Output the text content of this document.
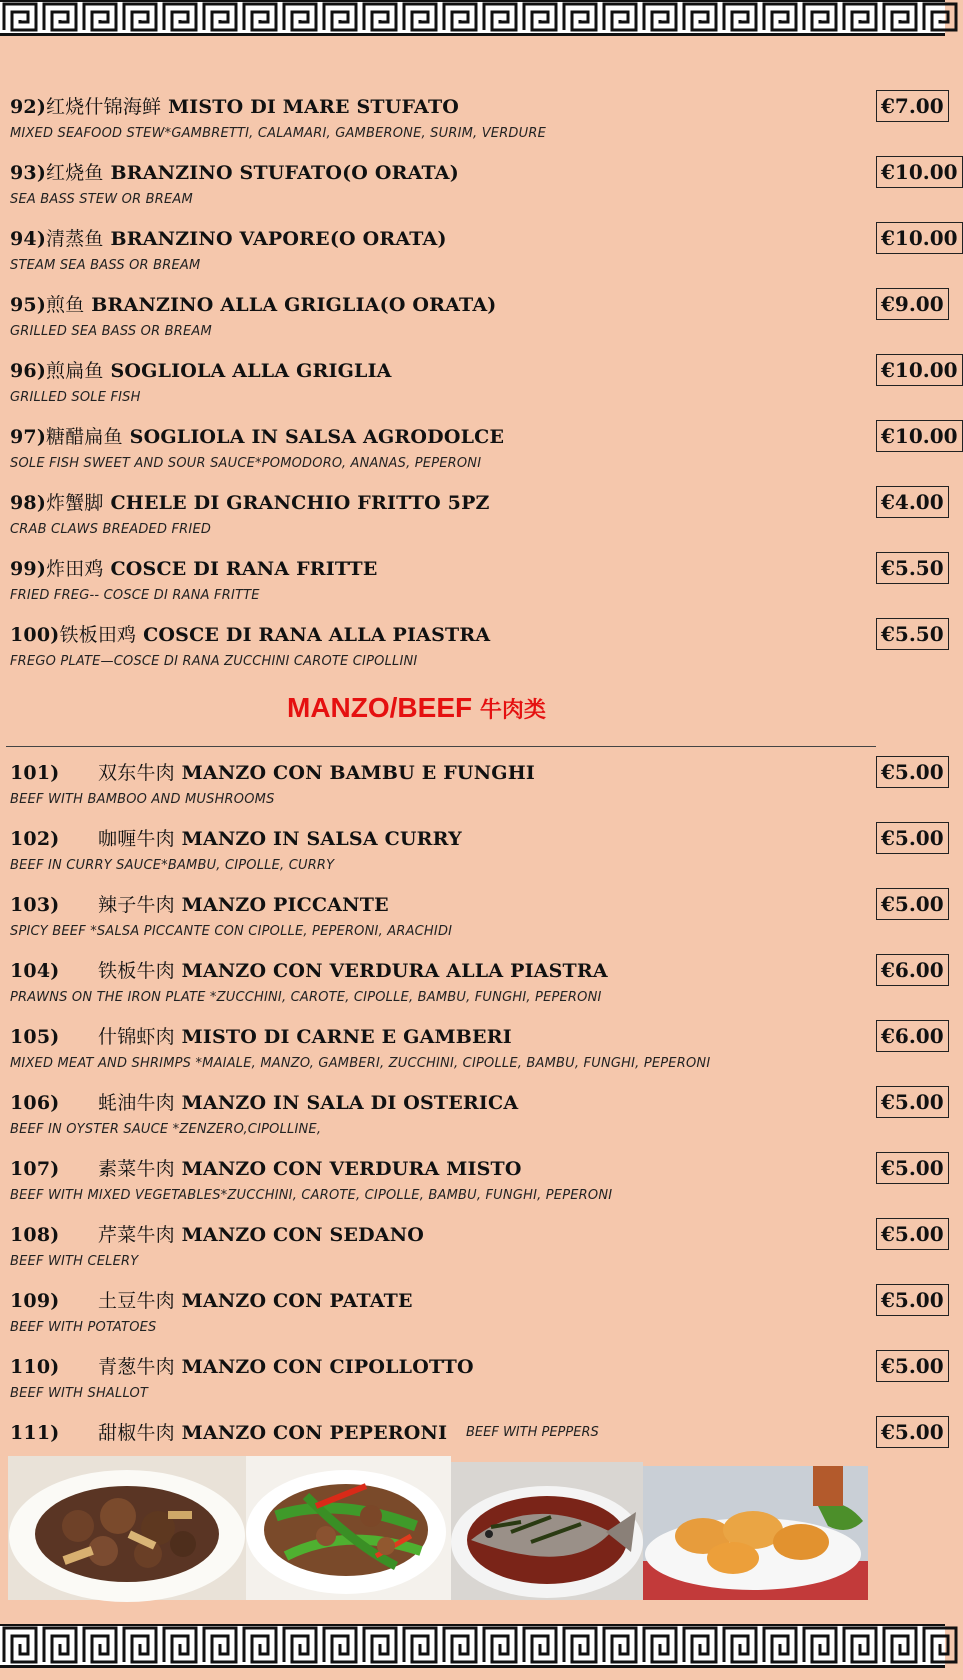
92)红烧什锦海鲜 MISTO DI MARE STUFATO
MIXED SEAFOOD STEW*GAMBRETTI, CALAMARI, GAMBERONE, SURIM, VERDURE
€7.00
93)红烧鱼 BRANZINO STUFATO(O ORATA)
SEA BASS STEW OR BREAM
€10.00
94)清蒸鱼 BRANZINO VAPORE(O ORATA)
STEAM SEA BASS OR BREAM
€10.00
95)煎鱼 BRANZINO ALLA GRIGLIA(O ORATA)
GRILLED SEA BASS OR BREAM
€9.00
96)煎扁鱼 SOGLIOLA ALLA GRIGLIA
GRILLED SOLE FISH
€10.00
97)糖醋扁鱼 SOGLIOLA IN SALSA AGRODOLCE
SOLE FISH SWEET AND SOUR SAUCE*POMODORO, ANANAS, PEPERONI
€10.00
98)炸蟹脚 CHELE DI GRANCHIO FRITTO 5PZ
CRAB CLAWS BREADED FRIED
€4.00
99)炸田鸡 COSCE DI RANA FRITTE
FRIED FREG-- COSCE DI RANA FRITTE
€5.50
100)铁板田鸡 COSCE DI RANA ALLA PIASTRA
FREGO PLATE—COSCE DI RANA ZUCCHINI CAROTE CIPOLLINI
€5.50
MANZO/BEEF 牛肉类
101) 双东牛肉 MANZO CON BAMBU E FUNGHI
BEEF WITH BAMBOO AND MUSHROOMS
€5.00
102) 咖喱牛肉 MANZO IN SALSA CURRY
BEEF IN CURRY SAUCE*BAMBU, CIPOLLE, CURRY
€5.00
103) 辣子牛肉 MANZO PICCANTE
SPICY BEEF *SALSA PICCANTE CON CIPOLLE, PEPERONI, ARACHIDI
€5.00
104) 铁板牛肉 MANZO CON VERDURA ALLA PIASTRA
PRAWNS ON THE IRON PLATE *ZUCCHINI, CAROTE, CIPOLLE, BAMBU, FUNGHI, PEPERONI
€6.00
105) 什锦虾肉 MISTO DI CARNE E GAMBERI
MIXED MEAT AND SHRIMPS *MAIALE, MANZO, GAMBERI, ZUCCHINI, CIPOLLE, BAMBU, FUNGHI, PEPERONI
€6.00
106) 蚝油牛肉 MANZO IN SALA DI OSTERICA
BEEF IN OYSTER SAUCE *ZENZERO,CIPOLLINE,
€5.00
107) 素菜牛肉 MANZO CON VERDURA MISTO
BEEF WITH MIXED VEGETABLES*ZUCCHINI, CAROTE, CIPOLLE, BAMBU, FUNGHI, PEPERONI
€5.00
108) 芹菜牛肉 MANZO CON SEDANO
BEEF WITH CELERY
€5.00
109) 土豆牛肉 MANZO CON PATATE
BEEF WITH POTATOES
€5.00
110) 青葱牛肉 MANZO CON CIPOLLOTTO
BEEF WITH SHALLOT
€5.00
111) 甜椒牛肉 MANZO CON PEPERONI BEEF WITH PEPPERS	€5.00
